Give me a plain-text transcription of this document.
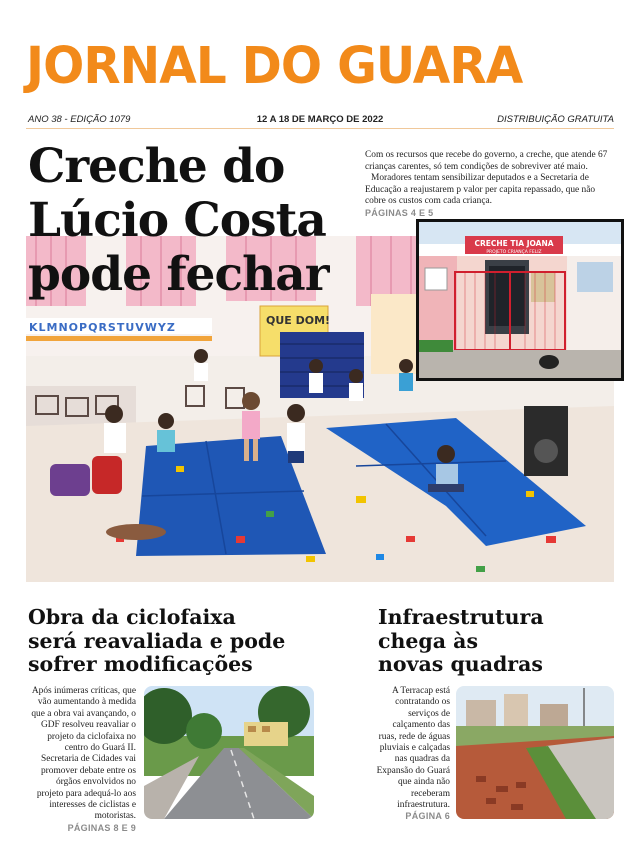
JORNAL DO GUARA
ANO 38 - EDIÇÃO 1079	12 A 18 DE MARÇO DE 2022	DISTRIBUIÇÃO GRATUITA
KLMNOPQRSTUVWYZ
QUE DOM!
Creche do
Lúcio Costa
pode fechar

Com os recursos que recebe do governo, a creche, que atende 67 crianças carentes, só tem condições de sobreviver até maio.

Moradores tentam sensibilizar deputados e a Secretaria de Educação a reajustarem p valor per capita repassado, que não cobre os custos com cada criança.

PÁGINAS 4 E 5
CRECHE TIA JOANA
PROJETO CRIANÇA FELIZ
Obra da ciclofaixa
será reavaliada e pode
sofrer modificações
Após inúmeras críticas, que vão aumentando à medida que a obra vai avançando, o GDF resolveu reavaliar o projeto da ciclofaixa no centro do Guará II. Secretaria de Cidades vai promover debate entre os órgãos envolvidos no projeto para adequá-lo aos interesses de ciclistas e motoristas.
PÁGINAS 8 E 9
Infraestrutura
chega às
novas quadras
A Terracap está contratando os serviços de calçamento das ruas, rede de águas pluviais e calçadas nas quadras da Expansão do Guará que ainda não receberam infraestrutura.
PÁGINA 6
